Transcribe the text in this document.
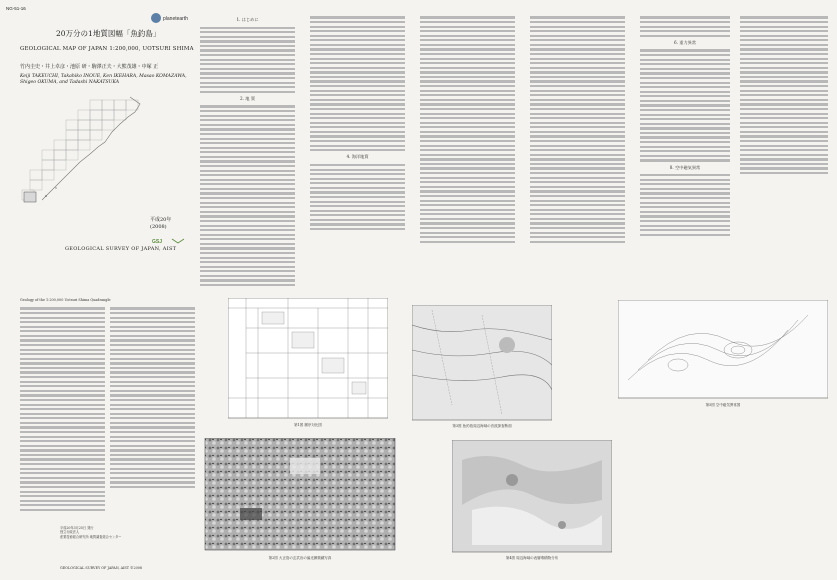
NG-51-16
planetearth
20万分の1地質図幅「魚釣島」
GEOLOGICAL MAP OF JAPAN 1:200,000, UOTSURI SHIMA
竹内圭史・井上卓彦・池原 研・駒澤正夫・大熊茂雄・中塚 正
Keiji TAKEUCHI, Takahiko INOUE, Ken IKEHARA, Masao KOMAZAWA,
Shigeo OKUMA, and Tadashi NAKATSUKA
平成20年
(2008)
GSJ
GEOLOGICAL SURVEY OF JAPAN, AIST
Geology of the 1:200,000 Uotsuri Shima Quadrangle
1. はじめに
2. 地 質
4. 海洋地質
6. 重力異常
8. 空中磁気異常
第1図 層序対比図	第3図 魚釣島周辺海域の音波探査断面
第4図 周辺海域の表層堆積物分布
第5図 空中磁気異常図
第2図 大正島の玄武岩の偏光顕微鏡写真
平成20年3月25日 発行
独立行政法人
産業技術総合研究所 地質調査総合センター
GEOLOGICAL SURVEY OF JAPAN, AIST ©2008
